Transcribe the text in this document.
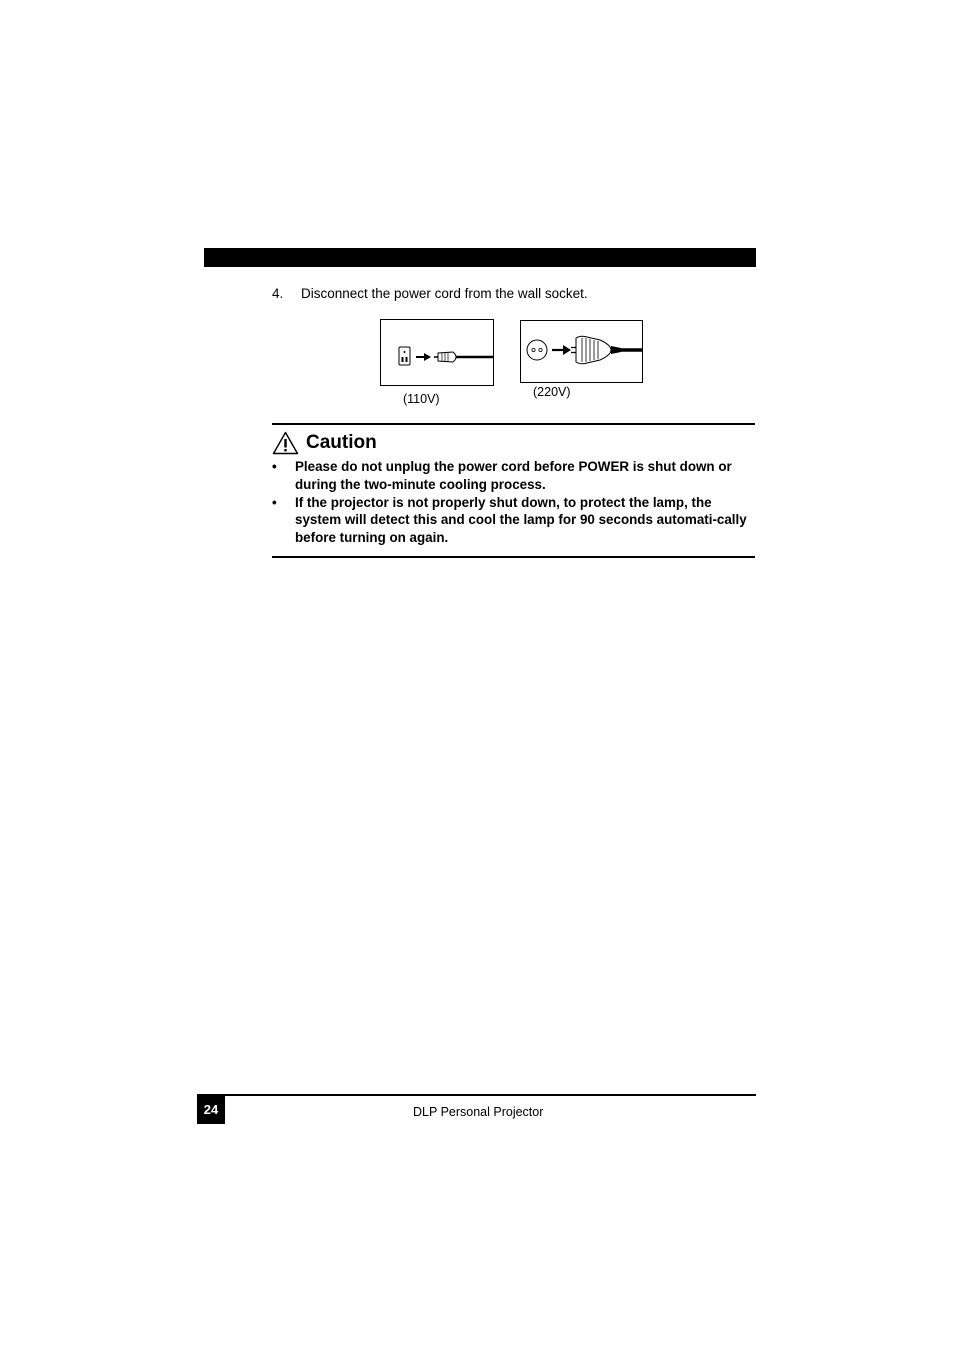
4. Disconnect the power cord from the wall socket.
(110V)	(220V)
Caution
• Please do not unplug the power cord before POWER is shut down or during the two-minute cooling process.
• If the projector is not properly shut down, to protect the lamp, the system will detect this and cool the lamp for 90 seconds automati-cally before turning on again.
24	DLP Personal Projector
